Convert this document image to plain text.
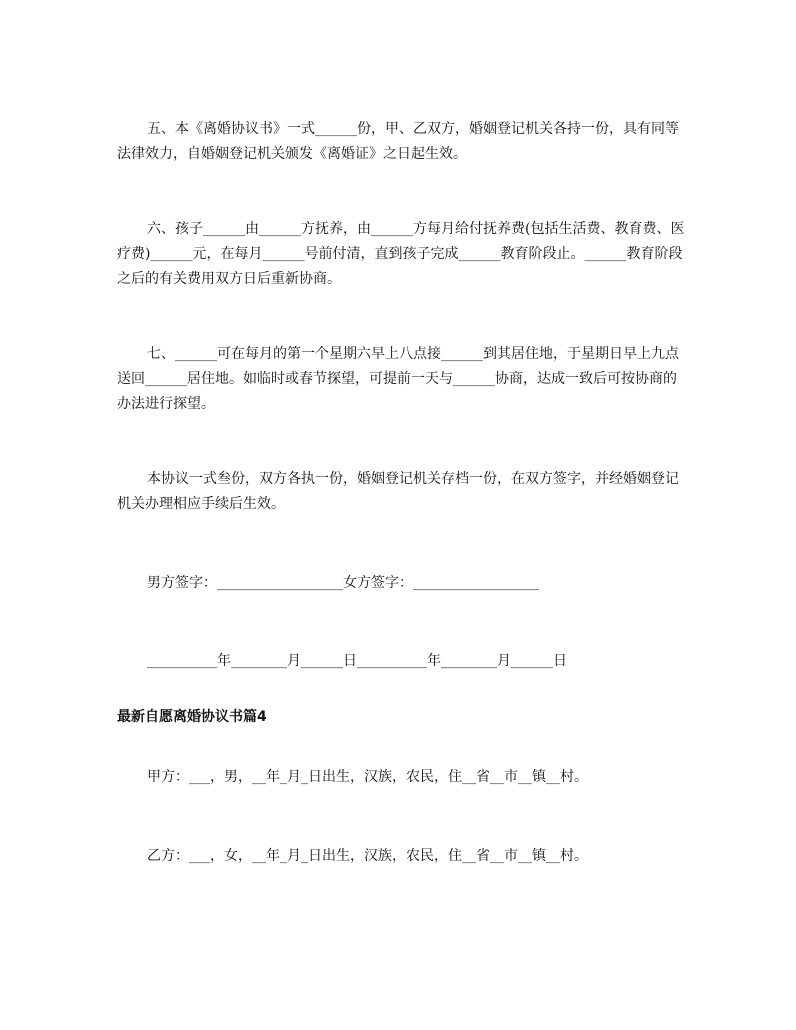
五、本《离婚协议书》一式______份，甲、乙双方，婚姻登记机关各持一份，具有同等法律效力，自婚姻登记机关颁发《离婚证》之日起生效。

六、孩子______由______方抚养，由______方每月给付抚养费(包括生活费、教育费、医疗费)______元，在每月______号前付清，直到孩子完成______教育阶段止。______教育阶段之后的有关费用双方日后重新协商。

七、______可在每月的第一个星期六早上八点接______到其居住地，于星期日早上九点送回______居住地。如临时或春节探望，可提前一天与______协商，达成一致后可按协商的办法进行探望。

本协议一式叁份，双方各执一份，婚姻登记机关存档一份，在双方签字，并经婚姻登记机关办理相应手续后生效。

男方签字：__________________女方签字：__________________

__________年________月______日__________年________月______日

最新自愿离婚协议书篇4

甲方：___，男，__年_月_日出生，汉族，农民，住__省__市__镇__村。

乙方：___，女，__年_月_日出生，汉族，农民，住__省__市__镇__村。
